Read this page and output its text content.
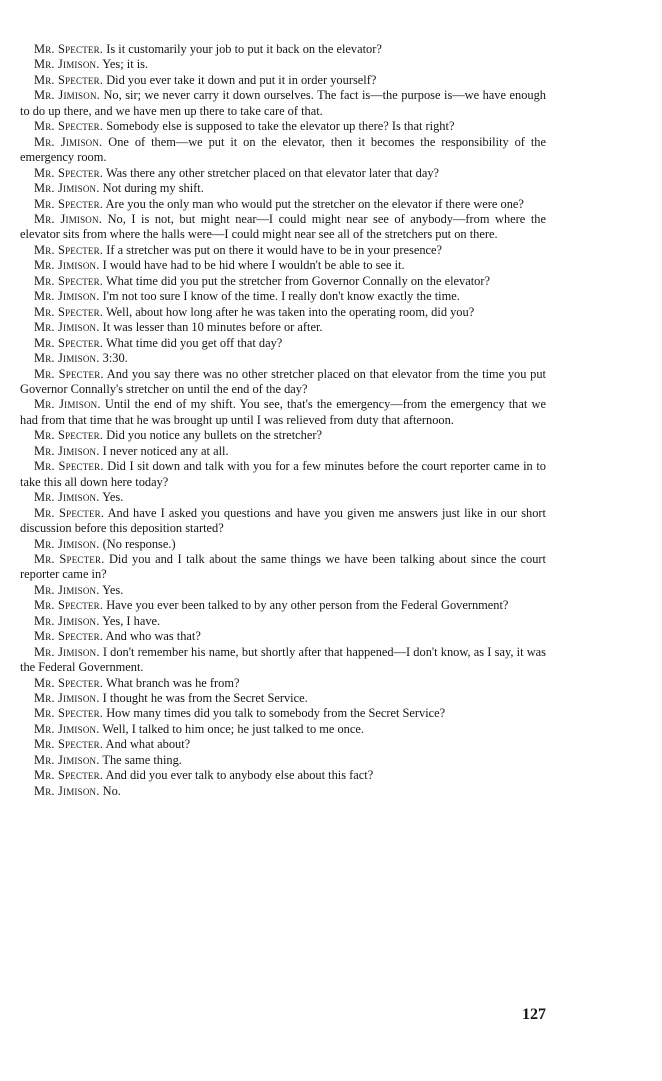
Mr. Specter. Is it customarily your job to put it back on the elevator?

Mr. Jimison. Yes; it is.

Mr. Specter. Did you ever take it down and put it in order yourself?

Mr. Jimison. No, sir; we never carry it down ourselves. The fact is—the purpose is—we have enough to do up there, and we have men up there to take care of that.

Mr. Specter. Somebody else is supposed to take the elevator up there? Is that right?

Mr. Jimison. One of them—we put it on the elevator, then it becomes the responsibility of the emergency room.

Mr. Specter. Was there any other stretcher placed on that elevator later that day?

Mr. Jimison. Not during my shift.

Mr. Specter. Are you the only man who would put the stretcher on the elevator if there were one?

Mr. Jimison. No, I is not, but might near—I could might near see of anybody—from where the elevator sits from where the halls were—I could might near see all of the stretchers put on there.

Mr. Specter. If a stretcher was put on there it would have to be in your presence?

Mr. Jimison. I would have had to be hid where I wouldn't be able to see it.

Mr. Specter. What time did you put the stretcher from Governor Connally on the elevator?

Mr. Jimison. I'm not too sure I know of the time. I really don't know exactly the time.

Mr. Specter. Well, about how long after he was taken into the operating room, did you?

Mr. Jimison. It was lesser than 10 minutes before or after.

Mr. Specter. What time did you get off that day?

Mr. Jimison. 3:30.

Mr. Specter. And you say there was no other stretcher placed on that elevator from the time you put Governor Connally's stretcher on until the end of the day?

Mr. Jimison. Until the end of my shift. You see, that's the emergency—from the emergency that we had from that time that he was brought up until I was relieved from duty that afternoon.

Mr. Specter. Did you notice any bullets on the stretcher?

Mr. Jimison. I never noticed any at all.

Mr. Specter. Did I sit down and talk with you for a few minutes before the court reporter came in to take this all down here today?

Mr. Jimison. Yes.

Mr. Specter. And have I asked you questions and have you given me answers just like in our short discussion before this deposition started?

Mr. Jimison. (No response.)

Mr. Specter. Did you and I talk about the same things we have been talking about since the court reporter came in?

Mr. Jimison. Yes.

Mr. Specter. Have you ever been talked to by any other person from the Federal Government?

Mr. Jimison. Yes, I have.

Mr. Specter. And who was that?

Mr. Jimison. I don't remember his name, but shortly after that happened—I don't know, as I say, it was the Federal Government.

Mr. Specter. What branch was he from?

Mr. Jimison. I thought he was from the Secret Service.

Mr. Specter. How many times did you talk to somebody from the Secret Service?

Mr. Jimison. Well, I talked to him once; he just talked to me once.

Mr. Specter. And what about?

Mr. Jimison. The same thing.

Mr. Specter. And did you ever talk to anybody else about this fact?

Mr. Jimison. No.

127
